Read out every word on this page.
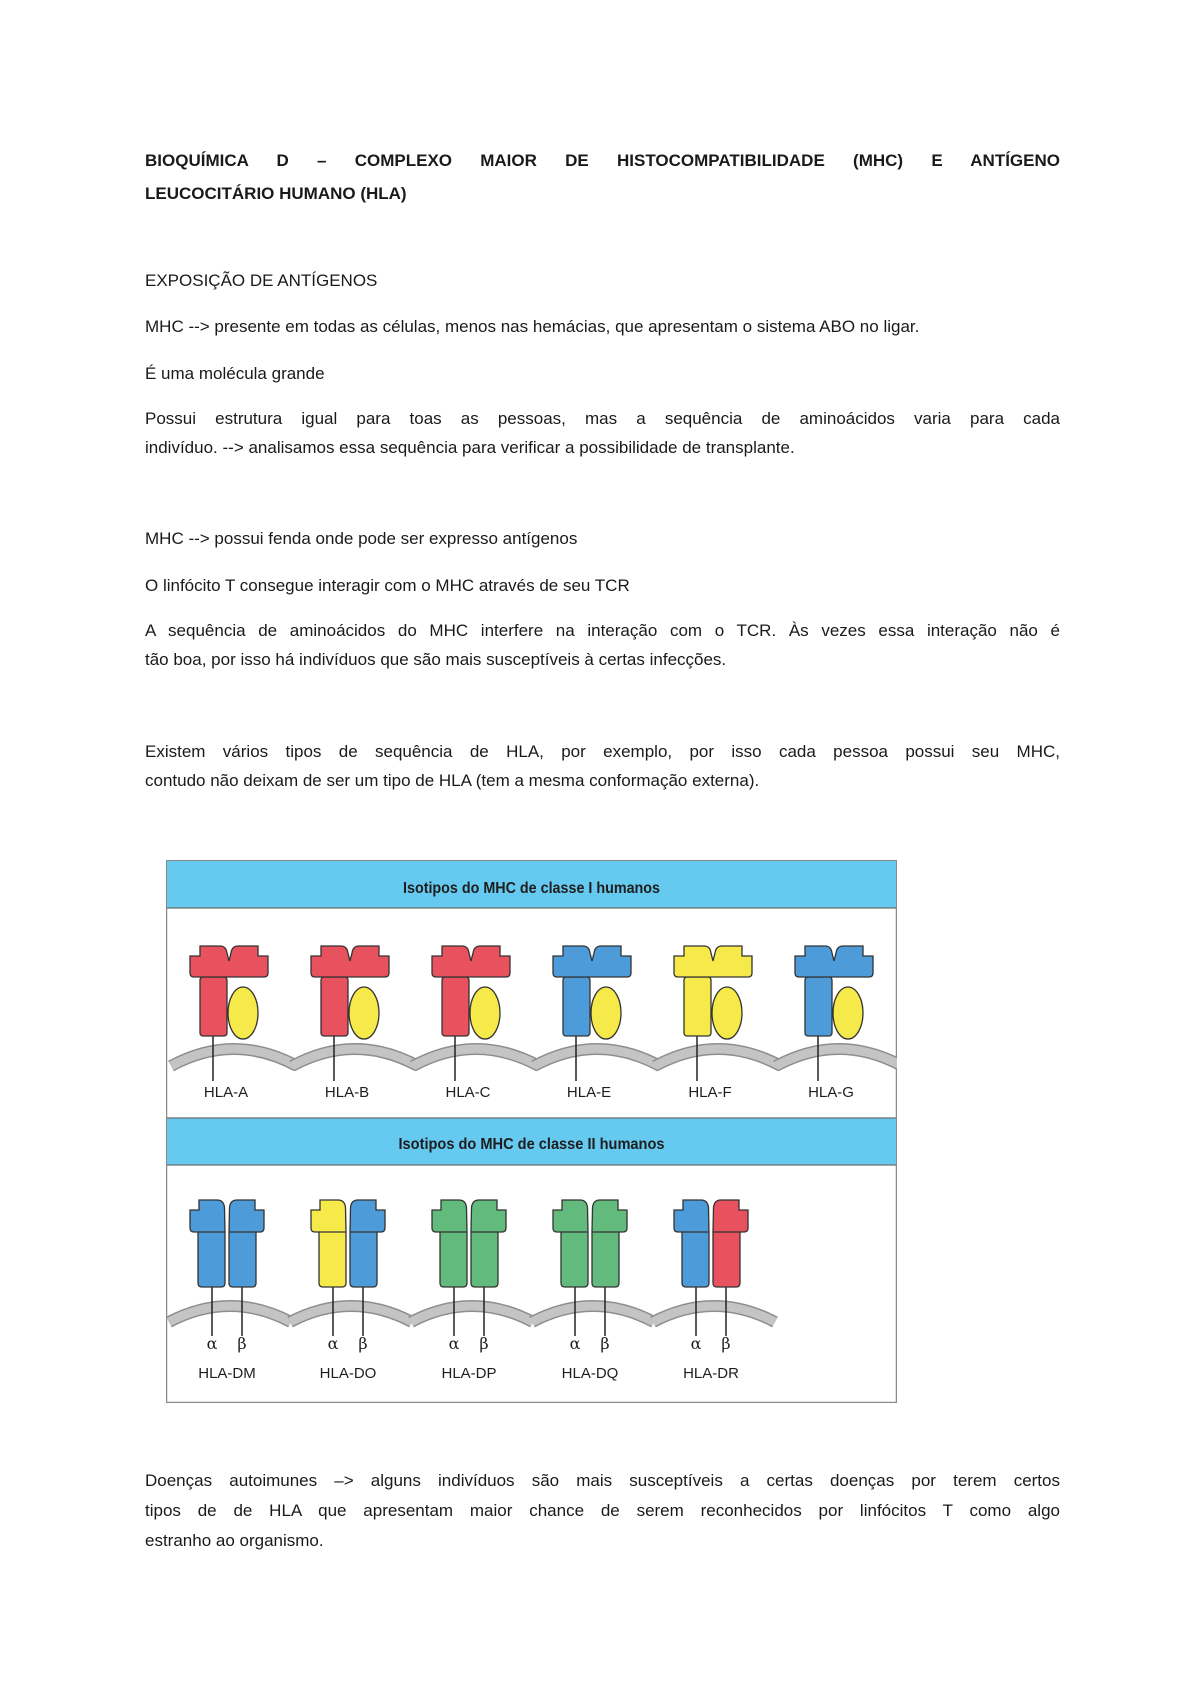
BIOQUÍMICA D – COMPLEXO MAIOR DE HISTOCOMPATIBILIDADE (MHC) E ANTÍGENO
LEUCOCITÁRIO HUMANO (HLA)
EXPOSIÇÃO DE ANTÍGENOS
MHC --> presente em todas as células, menos nas hemácias, que apresentam o sistema ABO no ligar.
É uma molécula grande
Possui estrutura igual para toas as pessoas, mas a sequência de aminoácidos varia para cada
indivíduo. --> analisamos essa sequência para verificar a possibilidade de transplante.
MHC --> possui fenda onde pode ser expresso antígenos
O linfócito T consegue interagir com o MHC através de seu TCR
A sequência de aminoácidos do MHC interfere na interação com o TCR. Às vezes essa interação não é
tão boa, por isso há indivíduos que são mais susceptíveis à certas infecções.
Existem vários tipos de sequência de HLA, por exemplo, por isso cada pessoa possui seu MHC,
contudo não deixam de ser um tipo de HLA (tem a mesma conformação externa).
Isotipos do MHC de classe I humanos
Isotipos do MHC de classe II humanos
HLA-A	HLA-B	HLA-C	HLA-E	HLA-F	HLA-G
α β
HLA-DM
α β
HLA-DO
α β
HLA-DP
α β
HLA-DQ
α β
HLA-DR
Doenças autoimunes –> alguns indivíduos são mais susceptíveis a certas doenças por terem certos
tipos de de HLA que apresentam maior chance de serem reconhecidos por linfócitos T como algo
estranho ao organismo.
